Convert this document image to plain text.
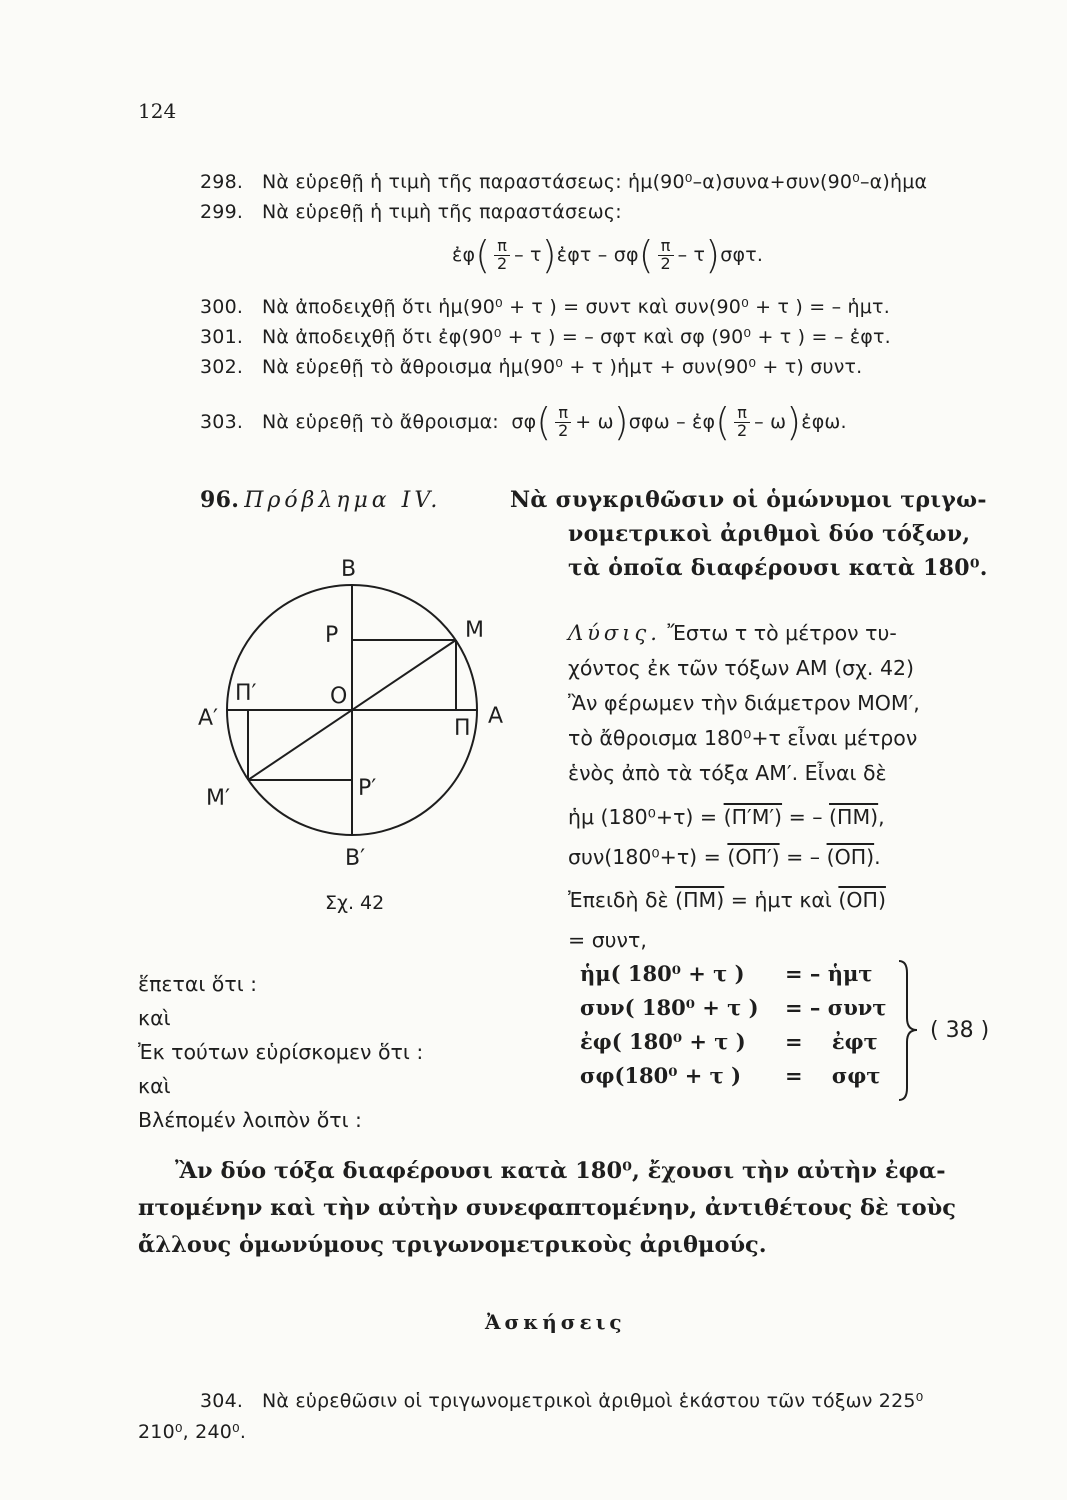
124
298. Νὰ εὑρεθῇ ἡ τιμὴ τῆς παραστάσεως: ἡμ(90⁰–α)συνα+συν(90⁰–α)ἡμα
299. Νὰ εὑρεθῇ ἡ τιμὴ τῆς παραστάσεως:
ἐφ( $\frac{\pi}{2}$ – τ)ἐφτ – $\sigma\varphi( \frac{\pi}{2} - \tau)\sigma\varphi\tau$.
300. Νὰ ἀποδειχθῇ ὅτι ἡμ(90⁰ + τ ) = συντ καὶ συν(90⁰ + τ ) = – ἡμτ.
301. Νὰ ἀποδειχθῇ ὅτι ἐφ(90⁰ + τ ) = – σφτ καὶ σφ (90⁰ + τ ) = – ἐφτ.
302. Νὰ εὑρεθῇ τὸ ἄθροισμα ἡμ(90⁰ + τ )ἡμτ + συν(90⁰ + τ) συντ.
303. Νὰ εὑρεθῇ τὸ ἄθροισμα: $\sigma\varphi( \frac{\pi}{2} + \omega)\sigma\varphi\omega$ – ἐφ( $\frac{\pi}{2}$ – ω)ἐφω.
96. Πρόβλημα IV.	Νὰ συγκριθῶσιν οἱ ὁμώνυμοι τριγω-
νομετρικοὶ ἀριθμοὶ δύο τόξων,
τὰ ὁποῖα διαφέρουσι κατὰ 180⁰.
Λύσις. Ἔστω τ τὸ μέτρον τυ-
χόντος ἐκ τῶν τόξων ΑΜ (σχ. 42)
Ἂν φέρωμεν τὴν διάμετρον ΜΟΜ′,
τὸ ἄθροισμα 180⁰+τ εἶναι μέτρον
ἑνὸς ἀπὸ τὰ τόξα ΑΜ′. Εἶναι δὲ
ἡμ (180⁰+τ) = (Π′Μ′) = – (ΠΜ),
συν(180⁰+τ) = (ΟΠ′) = – (ΟΠ).
Ἐπειδὴ δὲ (ΠΜ) = ἡμτ καὶ (ΟΠ)
= συντ,
Β
Ρ	Μ
Π′	Ο
Α′	Α
Π
Μ′	Ρ′
Β′
Σχ. 42
ἕπεται ὅτι :
καὶ
Ἐκ τούτων εὑρίσκομεν ὅτι :
καὶ
Βλέπομέν λοιπὸν ὅτι :
ἡμ( 180⁰ + τ ) = – ἡμτ
συν( 180⁰ + τ ) = – συντ
ἐφ( 180⁰ + τ ) =    ἐφτ
σφ(180⁰ + τ ) =    σφτ
( 38 )
Ἂν δύο τόξα διαφέρουσι κατὰ 180⁰, ἔχουσι τὴν αὐτὴν ἐφα-
πτομένην καὶ τὴν αὐτὴν συνεφαπτομένην, ἀντιθέτους δὲ τοὺς
ἄλλους ὁμωνύμους τριγωνομετρικοὺς ἀριθμούς.
Ἀσκήσεις
304. Νὰ εὑρεθῶσιν οἱ τριγωνομετρικοὶ ἀριθμοὶ ἑκάστου τῶν τόξων 225⁰
210⁰, 240⁰.
